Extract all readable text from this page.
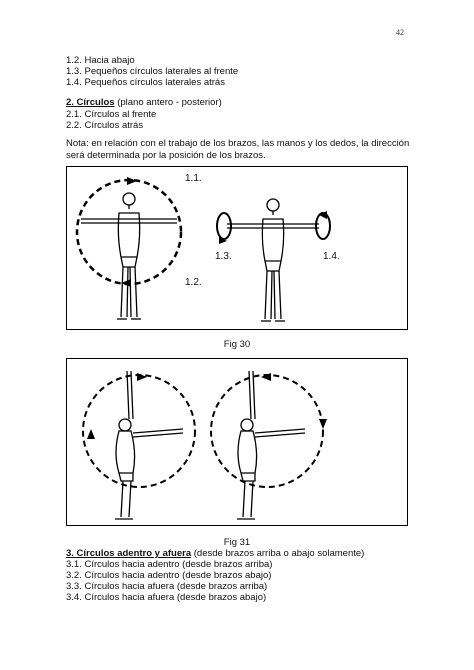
42
1.2. Hacia abajo
1.3. Pequeños círculos laterales al frente
1.4. Pequeños círculos laterales atrás
2. Círculos (plano antero - posterior)
2.1. Círculos al frente
2.2. Círculos atrás
Nota: en relación con el trabajo de los brazos, las manos y los dedos, la dirección será determinada por la posición de los brazos.
1.1.
1.2.
1.3.	1.4.
Fig 30
Fig 31
3. Círculos adentro y afuera (desde brazos arriba o abajo solamente)
3.1. Círculos hacia adentro (desde brazos arriba)
3.2. Círculos hacia adentro (desde brazos abajo)
3.3. Círculos hacia afuera (desde brazos arriba)
3.4. Círculos hacia afuera (desde brazos abajo)
